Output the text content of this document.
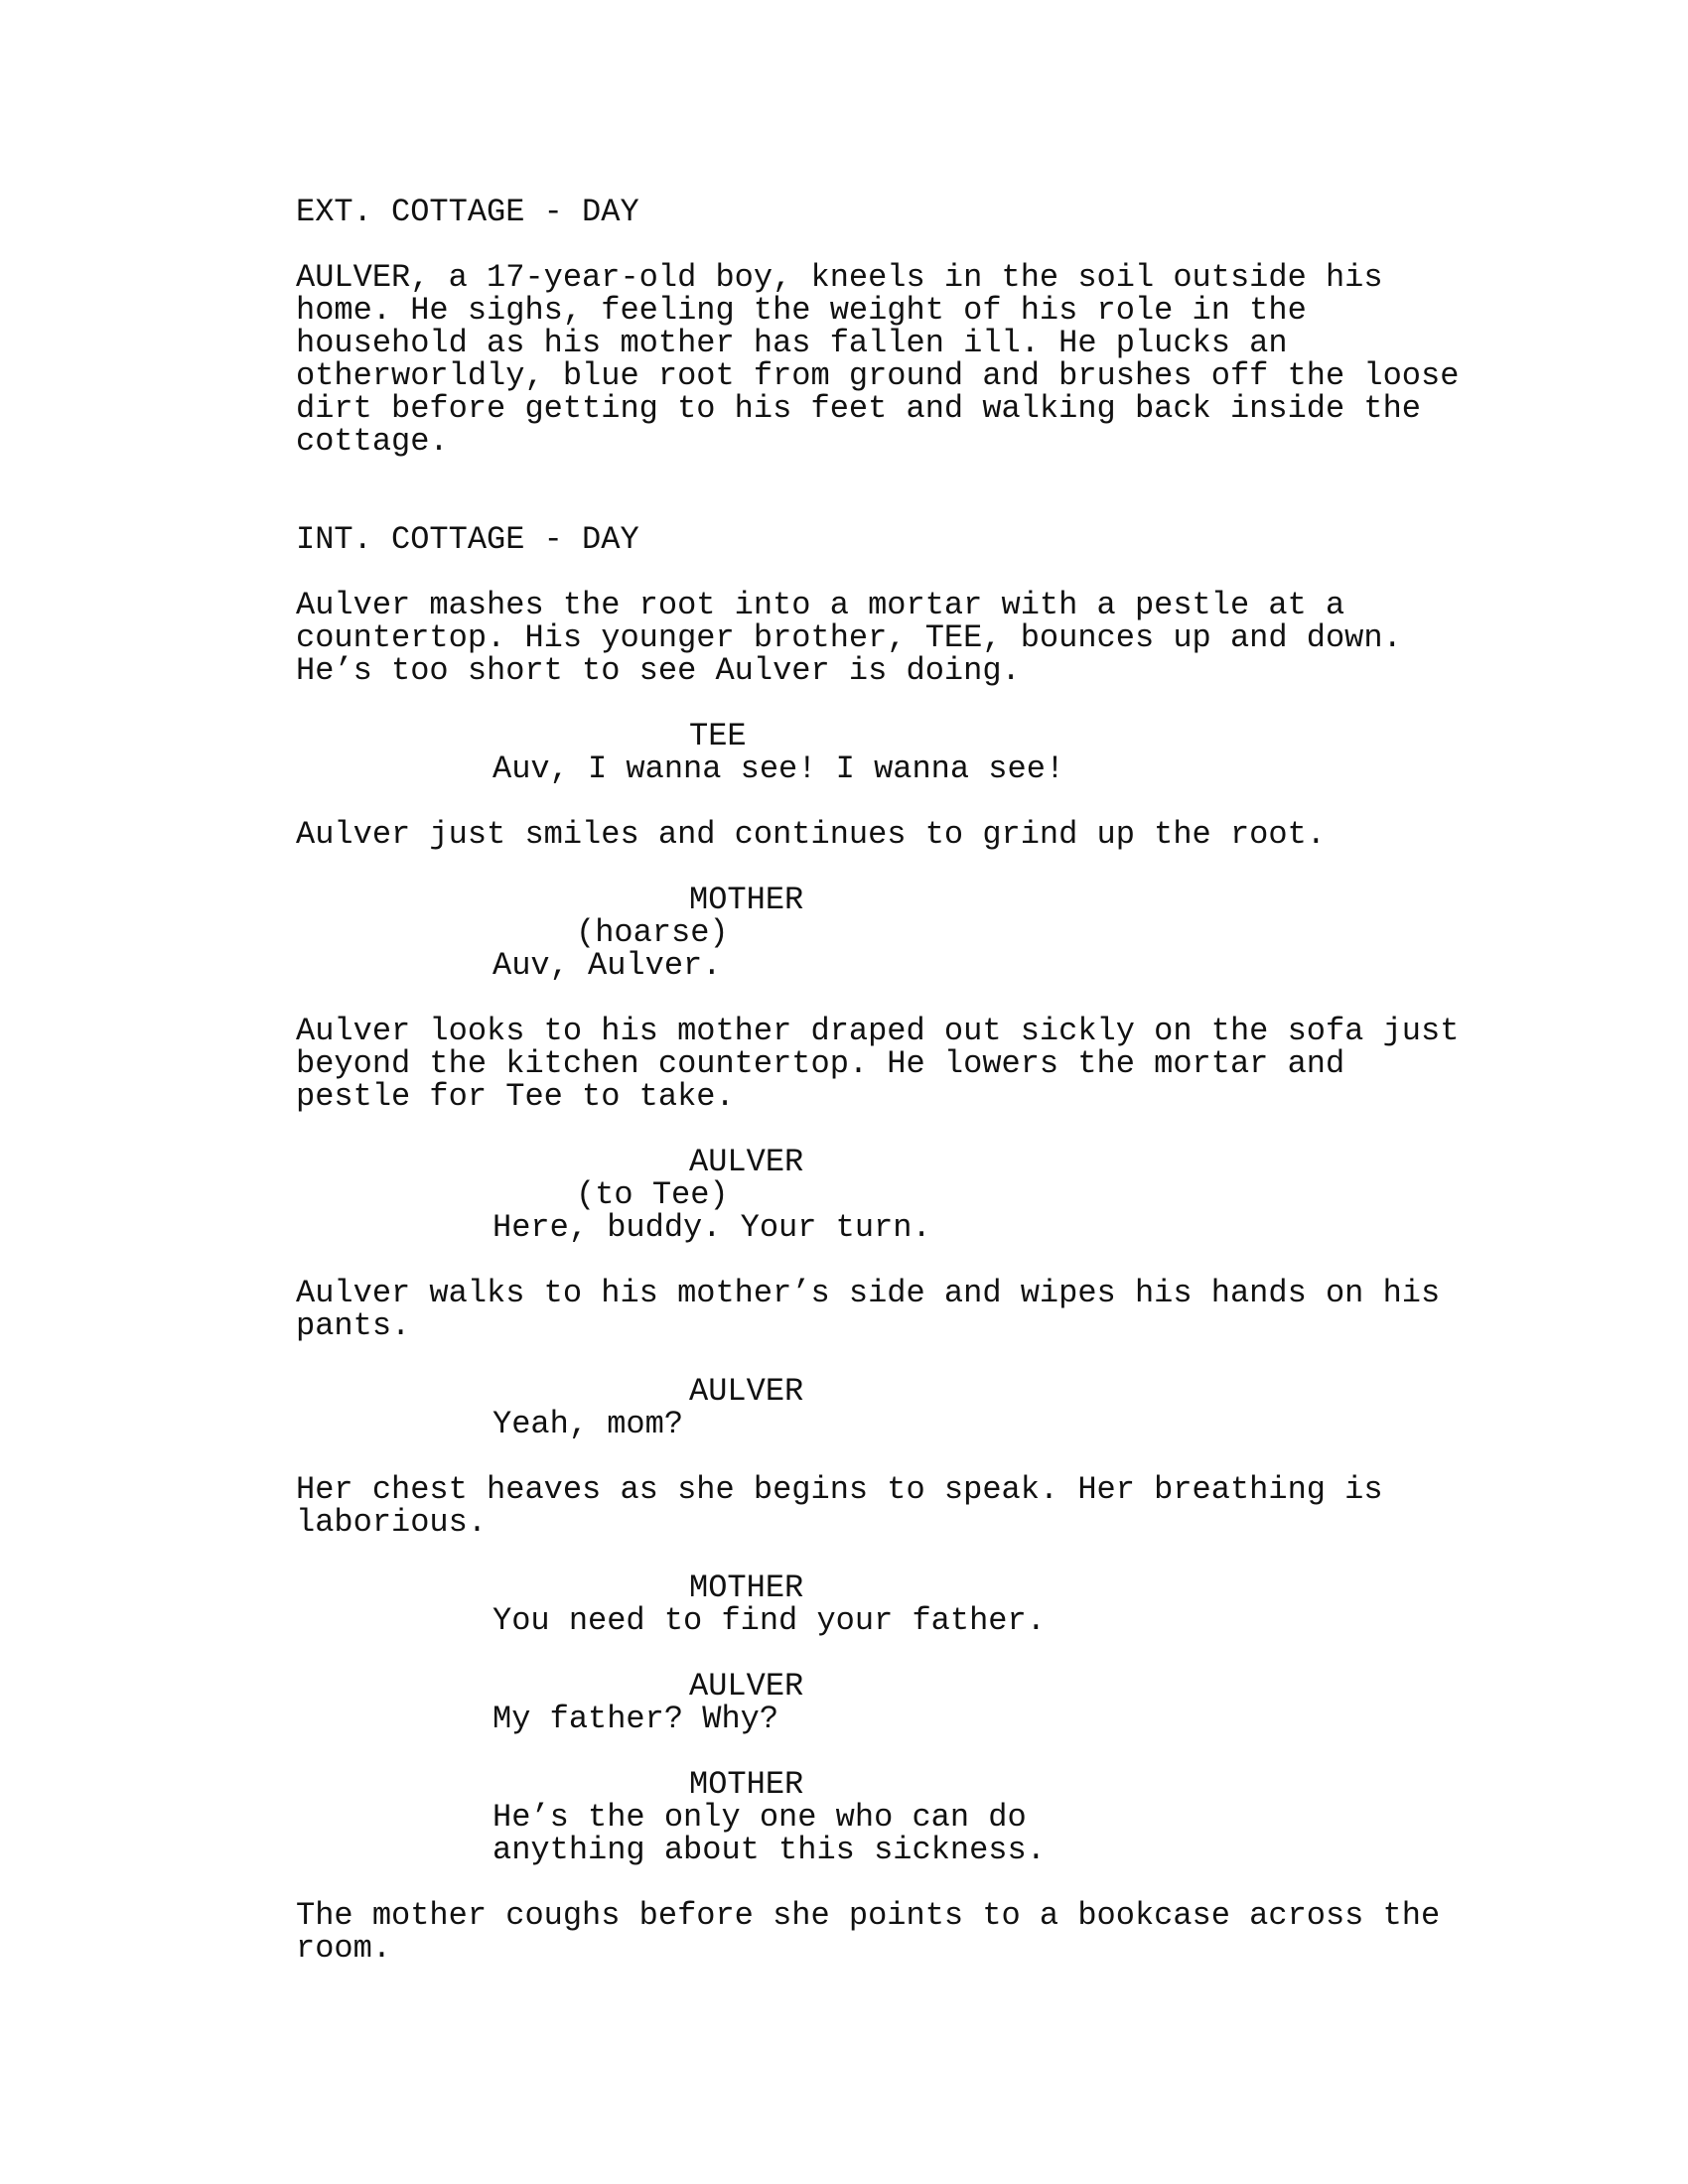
EXT. COTTAGE - DAY
AULVER, a 17-year-old boy, kneels in the soil outside his
home. He sighs, feeling the weight of his role in the
household as his mother has fallen ill. He plucks an
otherworldly, blue root from ground and brushes off the loose
dirt before getting to his feet and walking back inside the
cottage.
INT. COTTAGE - DAY
Aulver mashes the root into a mortar with a pestle at a
countertop. His younger brother, TEE, bounces up and down.
He’s too short to see Aulver is doing.
TEE
Auv, I wanna see! I wanna see!
Aulver just smiles and continues to grind up the root.
MOTHER
(hoarse)
Auv, Aulver.
Aulver looks to his mother draped out sickly on the sofa just
beyond the kitchen countertop. He lowers the mortar and
pestle for Tee to take.
AULVER
(to Tee)
Here, buddy. Your turn.
Aulver walks to his mother’s side and wipes his hands on his
pants.
AULVER
Yeah, mom?
Her chest heaves as she begins to speak. Her breathing is
laborious.
MOTHER
You need to find your father.
AULVER
My father? Why?
MOTHER
He’s the only one who can do
anything about this sickness.
The mother coughs before she points to a bookcase across the
room.
